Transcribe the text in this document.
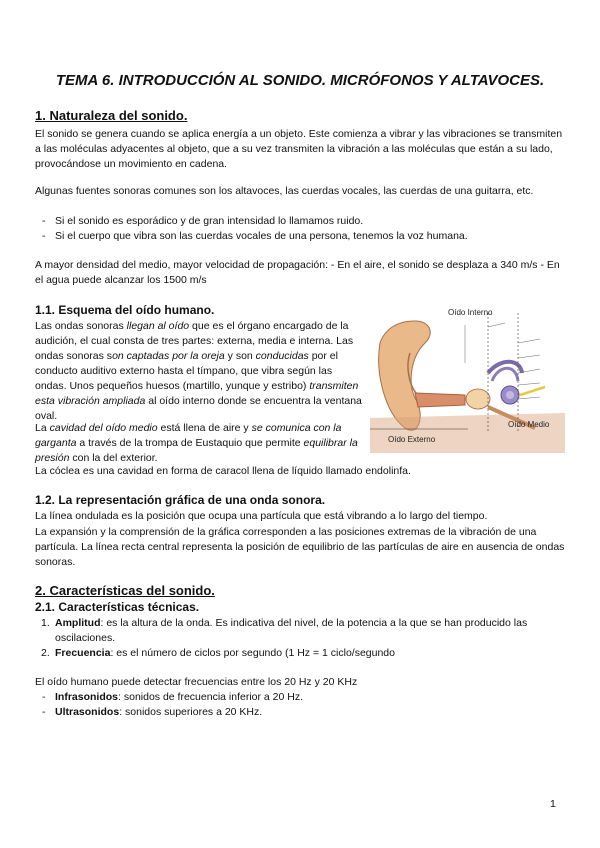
TEMA 6. INTRODUCCIÓN AL SONIDO. MICRÓFONOS Y ALTAVOCES.
1. Naturaleza del sonido.
El sonido se genera cuando se aplica energía a un objeto. Este comienza a vibrar y las vibraciones se transmiten a las moléculas adyacentes al objeto, que a su vez transmiten la vibración a las moléculas que están a su lado, provocándose un movimiento en cadena.
Algunas fuentes sonoras comunes son los altavoces, las cuerdas vocales, las cuerdas de una guitarra, etc.
- Si el sonido es esporádico y de gran intensidad lo llamamos ruido.
- Si el cuerpo que vibra son las cuerdas vocales de una persona, tenemos la voz humana.
A mayor densidad del medio, mayor velocidad de propagación: - En el aire, el sonido se desplaza a 340 m/s - En el agua puede alcanzar los 1500 m/s
1.1. Esquema del oído humano.
Las ondas sonoras llegan al oído que es el órgano encargado de la audición, el cual consta de tres partes: externa, media e interna. Las ondas sonoras son captadas por la oreja y son conducidas por el conducto auditivo externo hasta el tímpano, que vibra según las ondas. Unos pequeños huesos (martillo, yunque y estribo) transmiten esta vibración ampliada al oído interno donde se encuentra la ventana oval.
La cavidad del oído medio está llena de aire y se comunica con la garganta a través de la trompa de Eustaquio que permite equilibrar la presión con la del exterior.
La cóclea es una cavidad en forma de caracol llena de líquido llamado endolinfa.
Oído Interno
Oído Medio
Oído Externo
1.2. La representación gráfica de una onda sonora.
La línea ondulada es la posición que ocupa una partícula que está vibrando a lo largo del tiempo.
La expansión y la comprensión de la gráfica corresponden a las posiciones extremas de la vibración de una partícula. La línea recta central representa la posición de equilibrio de las partículas de aire en ausencia de ondas sonoras.
2. Características del sonido.
2.1. Características técnicas.
1. Amplitud: es la altura de la onda. Es indicativa del nivel, de la potencia a la que se han producido las oscilaciones.
2. Frecuencia: es el número de ciclos por segundo (1 Hz = 1 ciclo/segundo
El oído humano puede detectar frecuencias entre los 20 Hz y 20 KHz
- Infrasonidos: sonidos de frecuencia inferior a 20 Hz.
- Ultrasonidos: sonidos superiores a 20 KHz.
1
